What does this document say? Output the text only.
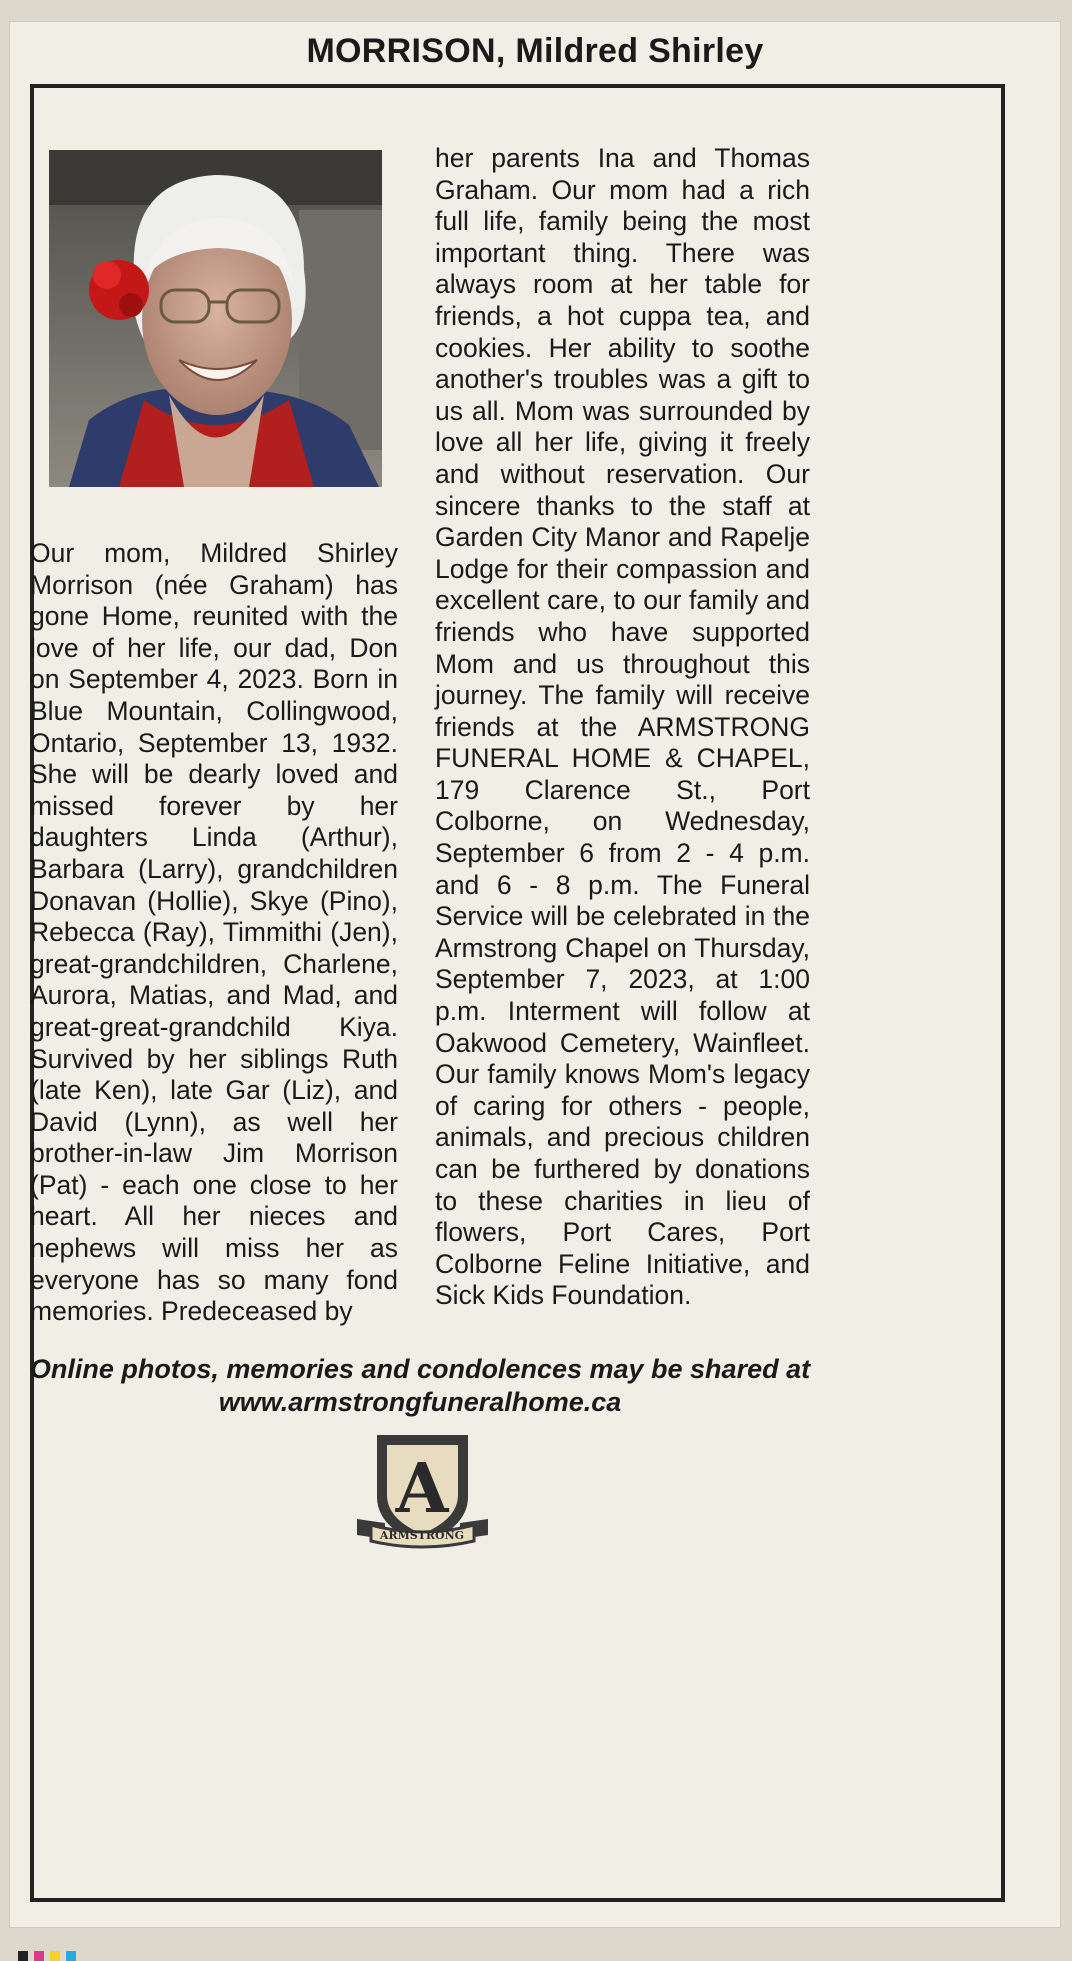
MORRISON, Mildred Shirley
Our mom, Mildred Shirley Morrison (née Graham) has gone Home, reunited with the love of her life, our dad, Don on September 4, 2023. Born in Blue Mountain, Collingwood, Ontario, September 13, 1932. She will be dearly loved and missed forever by her daughters Linda (Arthur), Barbara (Larry), grandchildren Donavan (Hollie), Skye (Pino), Rebecca (Ray), Timmithi (Jen), great-grandchildren, Charlene, Aurora, Matias, and Mad, and great-great-grandchild Kiya. Survived by her siblings Ruth (late Ken), late Gar (Liz), and David (Lynn), as well her brother-in-law Jim Morrison (Pat) - each one close to her heart. All her nieces and nephews will miss her as everyone has so many fond memories. Predeceased by
her parents Ina and Thomas Graham. Our mom had a rich full life, family being the most important thing. There was always room at her table for friends, a hot cuppa tea, and cookies. Her ability to soothe another's troubles was a gift to us all. Mom was surrounded by love all her life, giving it freely and without reservation. Our sincere thanks to the staff at Garden City Manor and Rapelje Lodge for their compassion and excellent care, to our family and friends who have supported Mom and us throughout this journey. The family will receive friends at the ARMSTRONG FUNERAL HOME & CHAPEL, 179 Clarence St., Port Colborne, on Wednesday, September 6 from 2 - 4 p.m. and 6 - 8 p.m. The Funeral Service will be celebrated in the Armstrong Chapel on Thursday, September 7, 2023, at 1:00 p.m. Interment will follow at Oakwood Cemetery, Wainfleet. Our family knows Mom's legacy of caring for others - people, animals, and precious children can be furthered by donations to these charities in lieu of flowers, Port Cares, Port Colborne Feline Initiative, and Sick Kids Foundation.
Online photos, memories and condolences may be shared at
www.armstrongfuneralhome.ca
A
ARMSTRONG
